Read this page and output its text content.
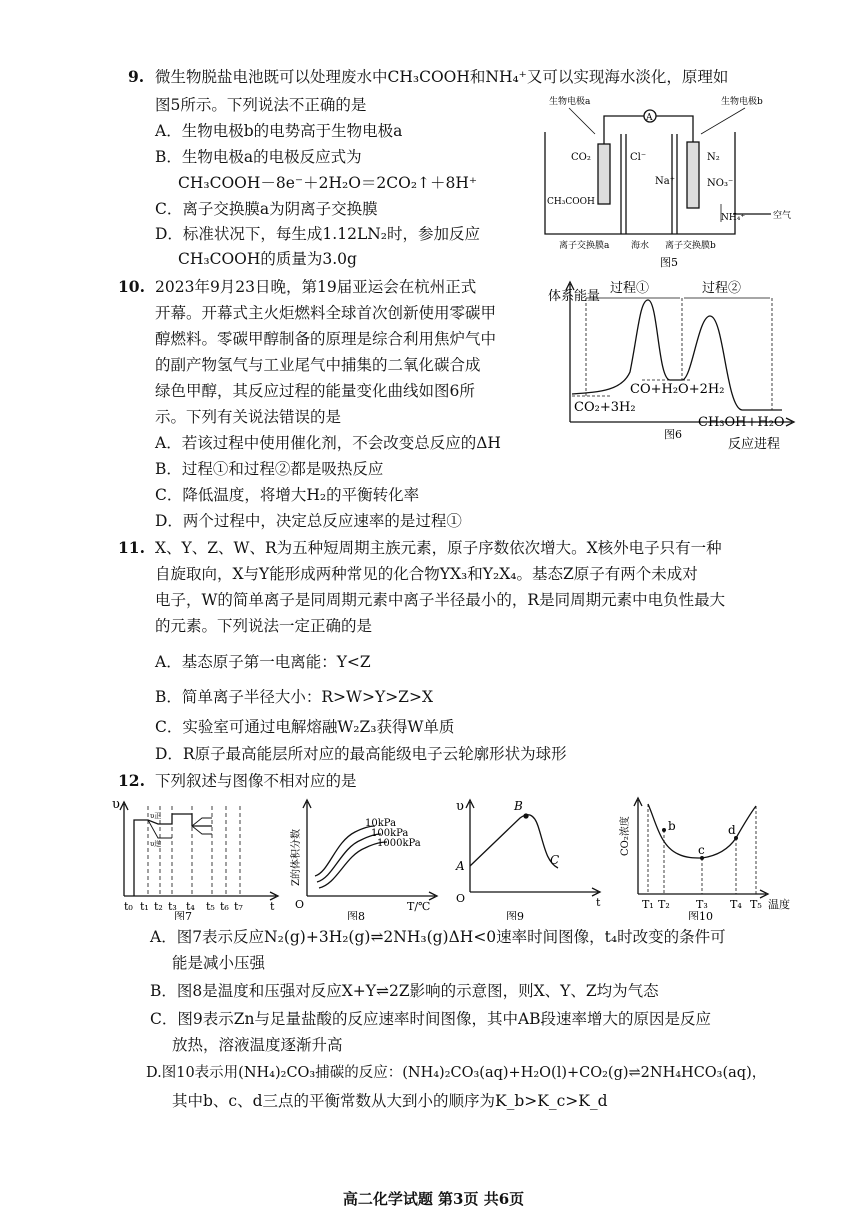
9. 微生物脱盐电池既可以处理废水中CH₃COOH和NH₄⁺又可以实现海水淡化，原理如
图5所示。下列说法不正确的是
A．生物电极b的电势高于生物电极a
B．生物电极a的电极反应式为
CH₃COOH－8e⁻＋2H₂O＝2CO₂↑＋8H⁺
C．离子交换膜a为阴离子交换膜
D．标准状况下，每生成1.12LN₂时，参加反应
CH₃COOH的质量为3.0g
A
生物电极a	生物电极b
CO₂	Cl⁻
Na⁺
N₂
NO₃⁻
NH₄⁺
CH₃COOH
空气
离子交换膜a 海水 离子交换膜b
图5
10. 2023年9月23日晚，第19届亚运会在杭州正式
开幕。开幕式主火炬燃料全球首次创新使用零碳甲
醇燃料。零碳甲醇制备的原理是综合利用焦炉气中
的副产物氢气与工业尾气中捕集的二氧化碳合成
绿色甲醇，其反应过程的能量变化曲线如图6所
示。下列有关说法错误的是
A．若该过程中使用催化剂，不会改变总反应的ΔH
B．过程①和过程②都是吸热反应
C．降低温度，将增大H₂的平衡转化率
D．两个过程中，决定总反应速率的是过程①
过程①	过程②
体系能量
CO₂+3H₂
CO+H₂O+2H₂
CH₃OH+H₂O
反应进程
图6
11. X、Y、Z、W、R为五种短周期主族元素，原子序数依次增大。X核外电子只有一种
自旋取向，X与Y能形成两种常见的化合物YX₃和Y₂X₄。基态Z原子有两个未成对
电子，W的简单离子是同周期元素中离子半径最小的，R是同周期元素中电负性最大
的元素。下列说法一定正确的是
A．基态原子第一电离能：Y<Z
B．简单离子半径大小：R>W>Y>Z>X
C．实验室可通过电解熔融W₂Z₃获得W单质
D．R原子最高能层所对应的最高能级电子云轮廓形状为球形
12. 下列叙述与图像不相对应的是
υ
υ正
υ逆
t₀ t₁ t₂ t₃ t₄ t₅ t₆ t₇ t
图7
Z的体积分数
10kPa
100kPa
1000kPa
O	T/℃
图8
υ
A
B
C
O	t
图9
CO₂浓度	b
c
d
T₁ T₂ T₃ T₄ T₅ 温度
图10
A．图7表示反应N₂(g)+3H₂(g)⇌2NH₃(g)ΔH<0速率时间图像，t₄时改变的条件可
能是减小压强
B．图8是温度和压强对反应X+Y⇌2Z影响的示意图，则X、Y、Z均为气态
C．图9表示Zn与足量盐酸的反应速率时间图像，其中AB段速率增大的原因是反应
放热，溶液温度逐渐升高
D.图10表示用(NH₄)₂CO₃捕碳的反应：(NH₄)₂CO₃(aq)+H₂O(l)+CO₂(g)⇌2NH₄HCO₃(aq)，
其中b、c、d三点的平衡常数从大到小的顺序为K_b>K_c>K_d
高二化学试题 第3页 共6页
